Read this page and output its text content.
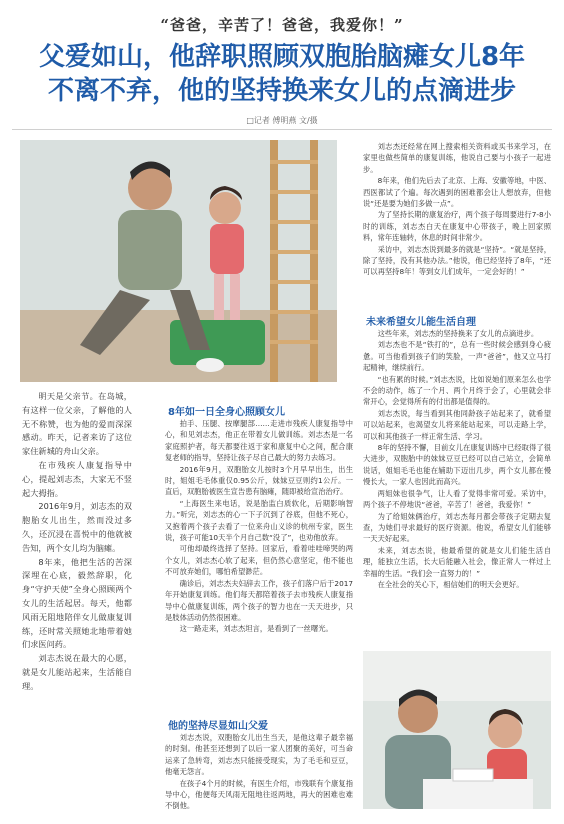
“爸爸，辛苦了！爸爸，我爱你！”
父爱如山，他辞职照顾双胞胎脑瘫女儿8年
不离不弃，他的坚持换来女儿的点滴进步
□记者 傅明燕 文/摄
8年如一日全身心照顾女儿
他的坚持尽显如山父爱
未来希望女儿能生活自理

明天是父亲节。在岛城，有这样一位父亲，了解他的人无不称赞，也为他的爱而深深感动。昨天，记者来访了这位家住新城的舟山父亲。

在市残疾人康复指导中心，提起刘志杰，大家无不竖起大拇指。

2016年9月，刘志杰的双胞胎女儿出生，然而没过多久，还沉浸在喜悦中的他就被告知，两个女儿均为脑瘫。

8年来，他把生活的苦深深埋在心底，毅然辞职，化身“守护天使”全身心照顾两个女儿的生活起居。每天，他都风雨无阻地陪伴女儿做康复训练，还时常关照她北地带着她们求医问药。

刘志杰说在最大的心愿，就是女儿能站起来，生活能自理。

拍手、压腿、按摩腿部……走进市残疾人康复指导中心，和见刘志杰，他正在带着女儿做训练。刘志杰是一名家庭照护者，每天都要往返于家和康复中心之间，配合康复老师的指导，坚持让孩子尽自己最大的努力去练习。

2016年9月，双胞胎女儿按时3个月早早出生，出生时，姐姐毛毛体重仅0.95公斤，妹妹豆豆则约1公斤。一直后，双胞胎被医生宣告患有脑瘫，随即被给宣治治疗。

“上海医生来电话，说是胎监白质软化，后期影响智力。”听完，刘志杰的心一下子沉到了谷底，但他不死心，又抱着两个孩子去看了一位来舟山义诊的杭州专家，医生说，孩子可能10天半个月自己数“没了”，也劝他放弃。

可他却最终选择了坚持。回家后，看着哇哇啼哭的两个女儿，刘志杰心软了起来，但仍然心意坚定，他不能也不可放弃她们，哪怕希望渺茫。

确诊后，刘志杰夫妇辞去工作，孩子们落户后于2017年开始康复训练。他们每天都陪着孩子去市残疾人康复指导中心做康复训练，两个孩子的智力也在一天天进步，只是肢体活动仍然很困难。

这一路走来，刘志杰坦言，是看到了一丝曙光。

刘志杰说，双胞胎女儿出生当天，是他这辈子最幸福的时刻。他甚至还想到了以后一家人团聚的美好，可当命运来了急转弯，刘志杰只能接受现实，为了毛毛和豆豆，他毫无怨言。

在孩子4个月的时候，有医生介绍，市残联有个康复指导中心，他便每天风雨无阻地往返两地，再大的困难也难不倒他。

刘志杰还经常在网上搜索相关资料或买书来学习，在家里也做些简单的康复训练，他说自己要与小孩子一起进步。

8年来，他们先后去了北京、上海、安徽等地，中医、西医都试了个遍。每次遇到的困难都会让人想放弃，但他说“还是要为她们多做一点”。

为了坚持长期的康复治疗，两个孩子每周要进行7-8小时的训练，刘志杰白天在康复中心带孩子，晚上回家照料，常年连轴转，休息的时间非常少。

采访中，刘志杰说到最多的就是“坚持”。“就是坚持，除了坚持，没有其他办法。”他说，他已经坚持了8年，“还可以再坚持8年！等到女儿们成年，一定会好的！”

这些年来，刘志杰的坚持换来了女儿的点滴进步。

刘志杰也不是“铁打的”，总有一些时候会感到身心疲惫。可当他看到孩子们的笑脸，一声“爸爸”，他又立马打起精神，继续前行。

“也有累的时候。”刘志杰说，比如说她们原来怎么也学不会的动作，练了一个月、两个月终于会了，心里就会非常开心，会觉得所有的付出都是值得的。

刘志杰说，每当看到其他同龄孩子站起来了，就希望可以站起来，也渴望女儿将来能站起来，可以走路上学，可以和其他孩子一样正常生活、学习。

8年的坚持不懈，目前女儿在康复训练中已经取得了很大进步，双胞胎中的妹妹豆豆已经可以自己站立，会简单说话，姐姐毛毛也能在辅助下迈出几步，两个女儿都在慢慢长大，一家人也因此而高兴。

两姐妹也很争气，让人看了觉得非常可爱。采访中，两个孩子不停地说“爸爸，辛苦了！爸爸，我爱你！”

为了给姐妹俩治疗，刘志杰每月都会带孩子定期去复查，为她们寻求最好的医疗资源。他说，希望女儿们能够一天天好起来。

未来，刘志杰说，他最希望的就是女儿们能生活自理，能独立生活，长大后能融入社会，像正常人一样过上幸福的生活。“我们会一直努力的！”

在全社会的关心下，相信她们的明天会更好。
